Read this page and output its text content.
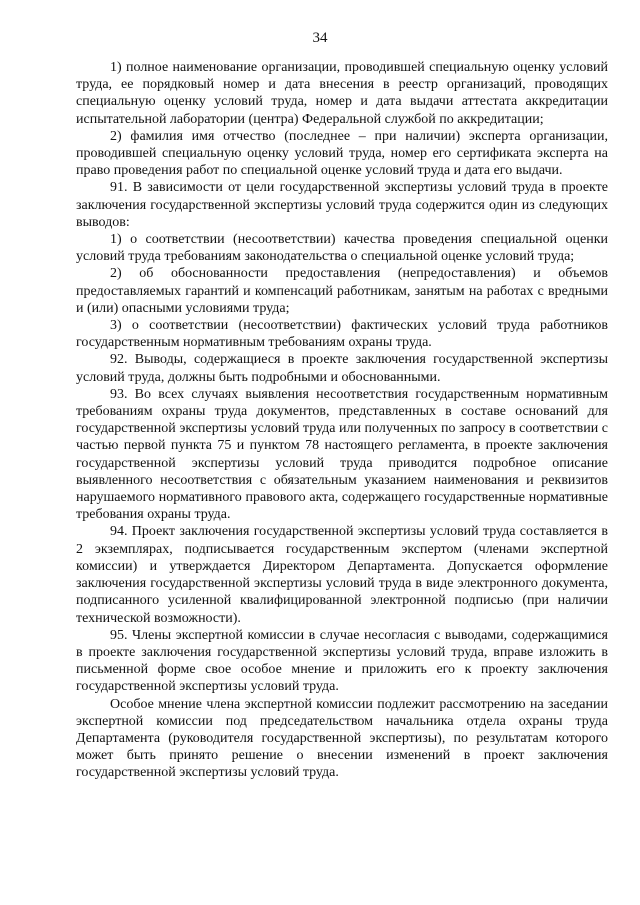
34

1) полное наименование организации, проводившей специальную оценку условий труда, ее порядковый номер и дата внесения в реестр организаций, проводящих специальную оценку условий труда, номер и дата выдачи аттестата аккредитации испытательной лаборатории (центра) Федеральной службой по аккредитации;

2) фамилия имя отчество (последнее – при наличии) эксперта организации, проводившей специальную оценку условий труда, номер его сертификата эксперта на право проведения работ по специальной оценке условий труда и дата его выдачи.

91. В зависимости от цели государственной экспертизы условий труда в проекте заключения государственной экспертизы условий труда содержится один из следующих выводов:

1) о соответствии (несоответствии) качества проведения специальной оценки условий труда требованиям законодательства о специальной оценке условий труда;

2) об обоснованности предоставления (непредоставления) и объемов предоставляемых гарантий и компенсаций работникам, занятым на работах с вредными и (или) опасными условиями труда;

3) о соответствии (несоответствии) фактических условий труда работников государственным нормативным требованиям охраны труда.

92. Выводы, содержащиеся в проекте заключения государственной экспертизы условий труда, должны быть подробными и обоснованными.

93. Во всех случаях выявления несоответствия государственным нормативным требованиям охраны труда документов, представленных в составе оснований для государственной экспертизы условий труда или полученных по запросу в соответствии с частью первой пункта 75 и пунктом 78 настоящего регламента, в проекте заключения государственной экспертизы условий труда приводится подробное описание выявленного несоответствия с обязательным указанием наименования и реквизитов нарушаемого нормативного правового акта, содержащего государственные нормативные требования охраны труда.

94. Проект заключения государственной экспертизы условий труда составляется в 2 экземплярах, подписывается государственным экспертом (членами экспертной комиссии) и утверждается Директором Департамента. Допускается оформление заключения государственной экспертизы условий труда в виде электронного документа, подписанного усиленной квалифицированной электронной подписью (при наличии технической возможности).

95. Члены экспертной комиссии в случае несогласия с выводами, содержащимися в проекте заключения государственной экспертизы условий труда, вправе изложить в письменной форме свое особое мнение и приложить его к проекту заключения государственной экспертизы условий труда.

Особое мнение члена экспертной комиссии подлежит рассмотрению на заседании экспертной комиссии под председательством начальника отдела охраны труда Департамента (руководителя государственной экспертизы), по результатам которого может быть принято решение о внесении изменений в проект заключения государственной экспертизы условий труда.
